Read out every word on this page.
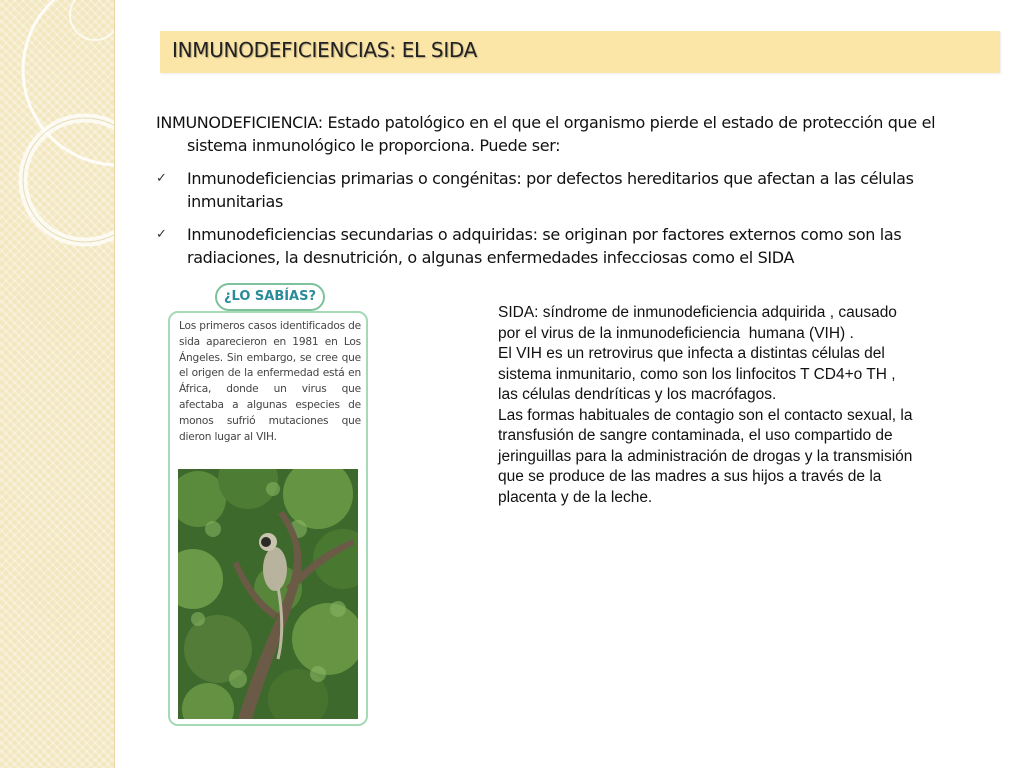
INMUNODEFICIENCIAS: EL SIDA

INMUNODEFICIENCIA: Estado patológico en el que el organismo pierde el estado de protección que el sistema inmunológico le proporciona. Puede ser:

✓ Inmunodeficiencias primarias o congénitas: por defectos hereditarios que afectan a las células inmunitarias
✓ Inmunodeficiencias secundarias o adquiridas: se originan por factores externos como son las radiaciones, la desnutrición, o algunas enfermedades infecciosas como el SIDA
Los primeros casos identificados de sida aparecieron en 1981 en Los Ángeles. Sin embargo, se cree que el origen de la enfermedad está en África, donde un virus que afectaba a algunas especies de monos sufrió mutaciones que dieron lugar al VIH.
¿LO SABÍAS?
SIDA: síndrome de inmunodeficiencia adquirida , causado
por el virus de la inmunodeficiencia  humana (VIH) .
El VIH es un retrovirus que infecta a distintas células del
sistema inmunitario, como son los linfocitos T CD4+o TH ,
las células dendríticas y los macrófagos.
Las formas habituales de contagio son el contacto sexual, la
transfusión de sangre contaminada, el uso compartido de
jeringuillas para la administración de drogas y la transmisión
que se produce de las madres a sus hijos a través de la
placenta y de la leche.
